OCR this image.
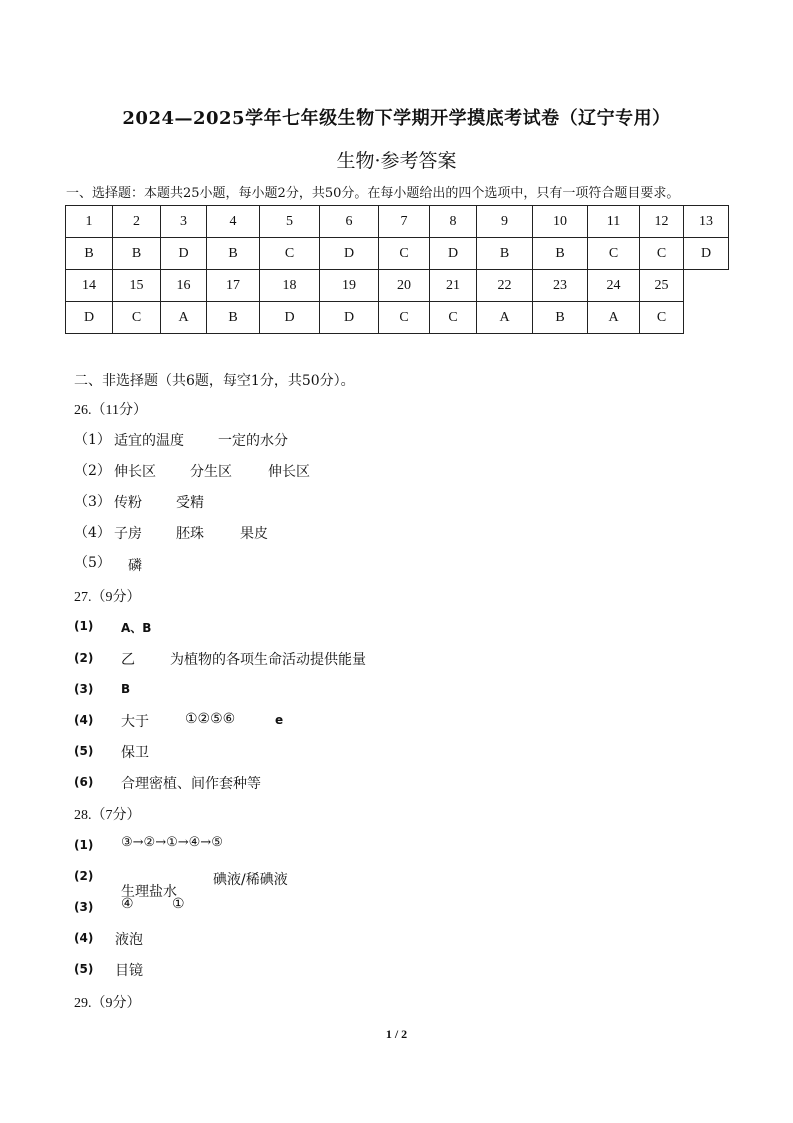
2024—2025学年七年级生物下学期开学摸底考试卷（辽宁专用）
生物·参考答案
一、选择题：本题共25小题，每小题2分，共50分。在每小题给出的四个选项中，只有一项符合题目要求。
1	2	3	4	5	6	7	8	9	10	11	12	13
B	B	D	B	C	D	C	D	B	B	C	C	D
14	15	16	17	18	19	20	21	22	23	24	25	
D	C	A	B	D	D	C	C	A	B	A	C	
二、非选择题（共6题，每空1分，共50分）。
26.（11分）
（1） 适宜的温度 一定的水分
（2） 伸长区 分生区	伸长区
（3） 传粉 受精
（4） 子房 胚珠	果皮
（5） 磷
27.（9分）
(1) A、B
(2) 乙	为植物的各项生命活动提供能量
(3) B
(4) 大于	①②⑤⑥	e
(5) 保卫
(6) 合理密植、间作套种等
28.（7分）
(1) ③→②→①→④→⑤
(2)
生理盐水
碘液/稀碘液
(3) ④	①
(4) 液泡
(5) 目镜
29.（9分）
1 / 2
